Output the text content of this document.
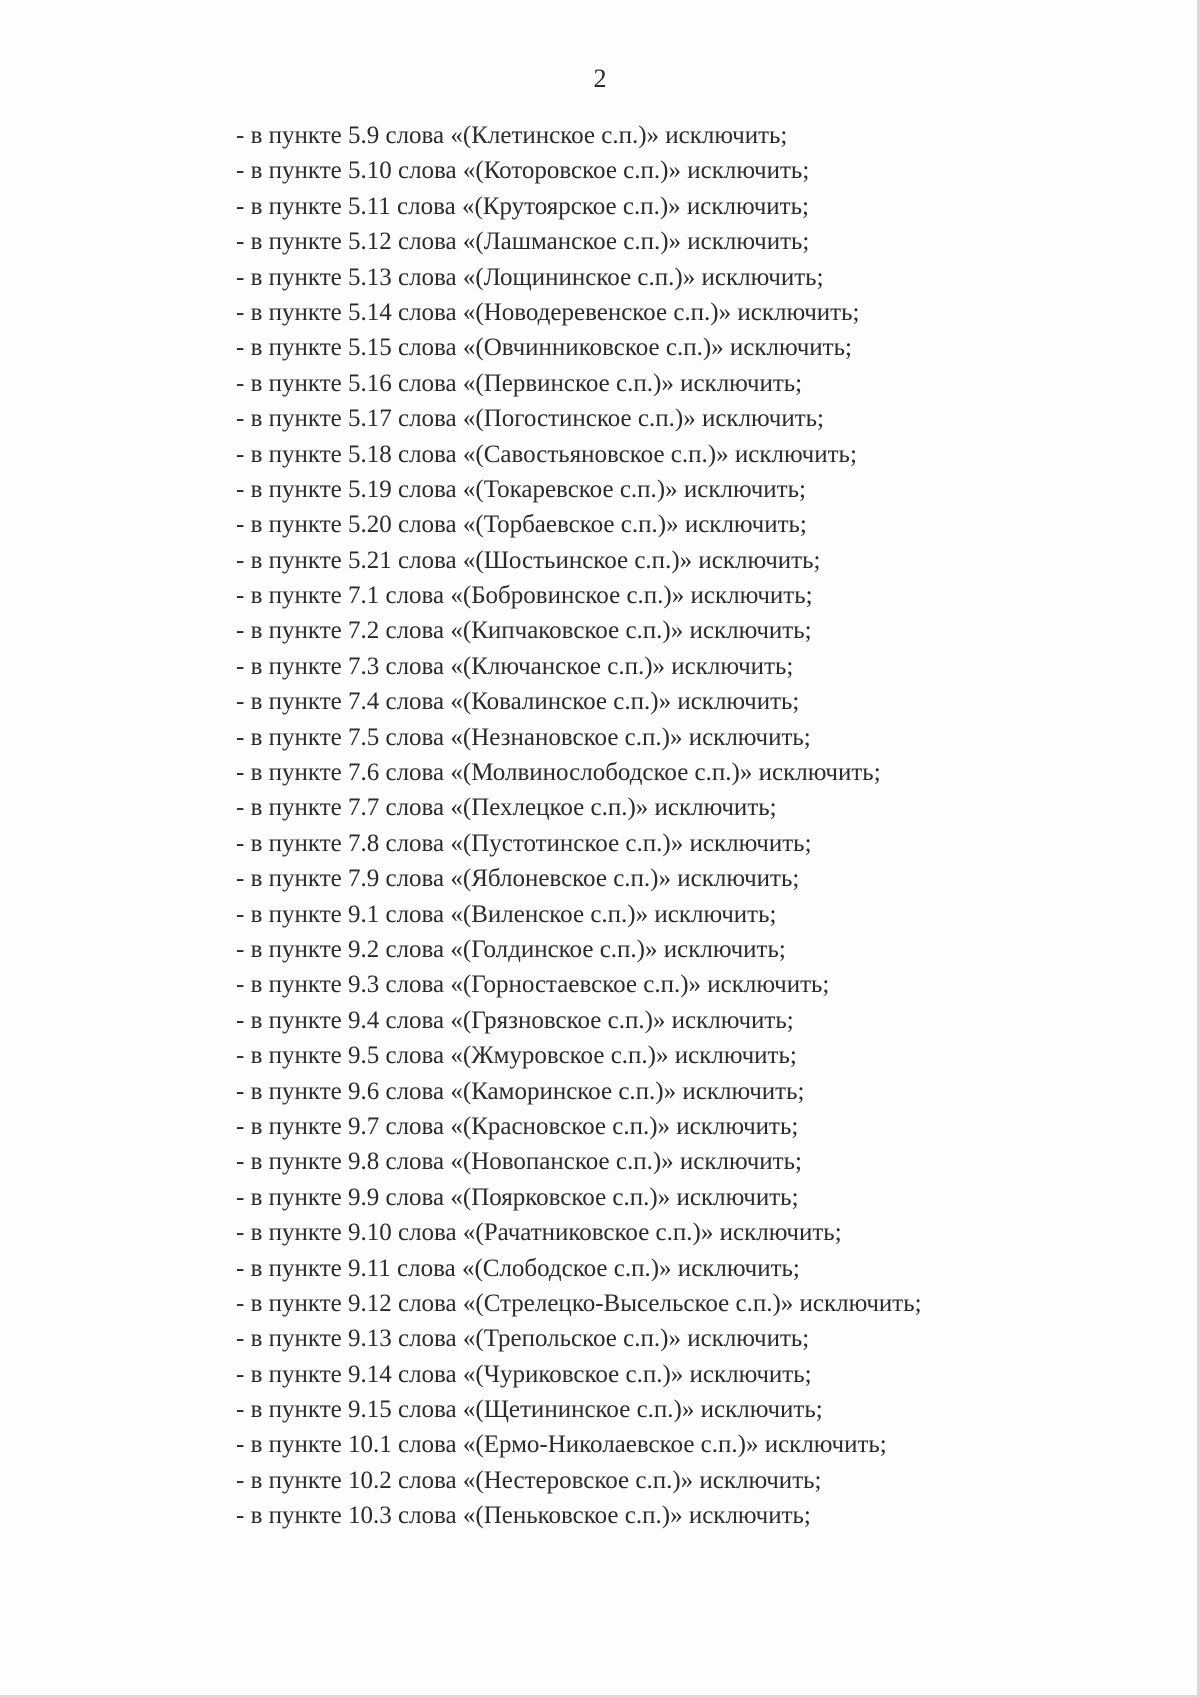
2

- в пункте 5.9 слова «(Клетинское с.п.)» исключить;
- в пункте 5.10 слова «(Которовское с.п.)» исключить;
- в пункте 5.11 слова «(Крутоярское с.п.)» исключить;
- в пункте 5.12 слова «(Лашманское с.п.)» исключить;
- в пункте 5.13 слова «(Лощининское с.п.)» исключить;
- в пункте 5.14 слова «(Новодеревенское с.п.)» исключить;
- в пункте 5.15 слова «(Овчинниковское с.п.)» исключить;
- в пункте 5.16 слова «(Первинское с.п.)» исключить;
- в пункте 5.17 слова «(Погостинское с.п.)» исключить;
- в пункте 5.18 слова «(Савостьяновское с.п.)» исключить;
- в пункте 5.19 слова «(Токаревское с.п.)» исключить;
- в пункте 5.20 слова «(Торбаевское с.п.)» исключить;
- в пункте 5.21 слова «(Шостьинское с.п.)» исключить;
- в пункте 7.1 слова «(Бобровинское с.п.)» исключить;
- в пункте 7.2 слова «(Кипчаковское с.п.)» исключить;
- в пункте 7.3 слова «(Ключанское с.п.)» исключить;
- в пункте 7.4 слова «(Ковалинское с.п.)» исключить;
- в пункте 7.5 слова «(Незнановское с.п.)» исключить;
- в пункте 7.6 слова «(Молвинослободское с.п.)» исключить;
- в пункте 7.7 слова «(Пехлецкое с.п.)» исключить;
- в пункте 7.8 слова «(Пустотинское с.п.)» исключить;
- в пункте 7.9 слова «(Яблоневское с.п.)» исключить;
- в пункте 9.1 слова «(Виленское с.п.)» исключить;
- в пункте 9.2 слова «(Голдинское с.п.)» исключить;
- в пункте 9.3 слова «(Горностаевское с.п.)» исключить;
- в пункте 9.4 слова «(Грязновское с.п.)» исключить;
- в пункте 9.5 слова «(Жмуровское с.п.)» исключить;
- в пункте 9.6 слова «(Каморинское с.п.)» исключить;
- в пункте 9.7 слова «(Красновское с.п.)» исключить;
- в пункте 9.8 слова «(Новопанское с.п.)» исключить;
- в пункте 9.9 слова «(Поярковское с.п.)» исключить;
- в пункте 9.10 слова «(Рачатниковское с.п.)» исключить;
- в пункте 9.11 слова «(Слободское с.п.)» исключить;
- в пункте 9.12 слова «(Стрелецко-Высельское с.п.)» исключить;
- в пункте 9.13 слова «(Трепольское с.п.)» исключить;
- в пункте 9.14 слова «(Чуриковское с.п.)» исключить;
- в пункте 9.15 слова «(Щетининское с.п.)» исключить;
- в пункте 10.1 слова «(Ермо-Николаевское с.п.)» исключить;
- в пункте 10.2 слова «(Нестеровское с.п.)» исключить;
- в пункте 10.3 слова «(Пеньковское с.п.)» исключить;
